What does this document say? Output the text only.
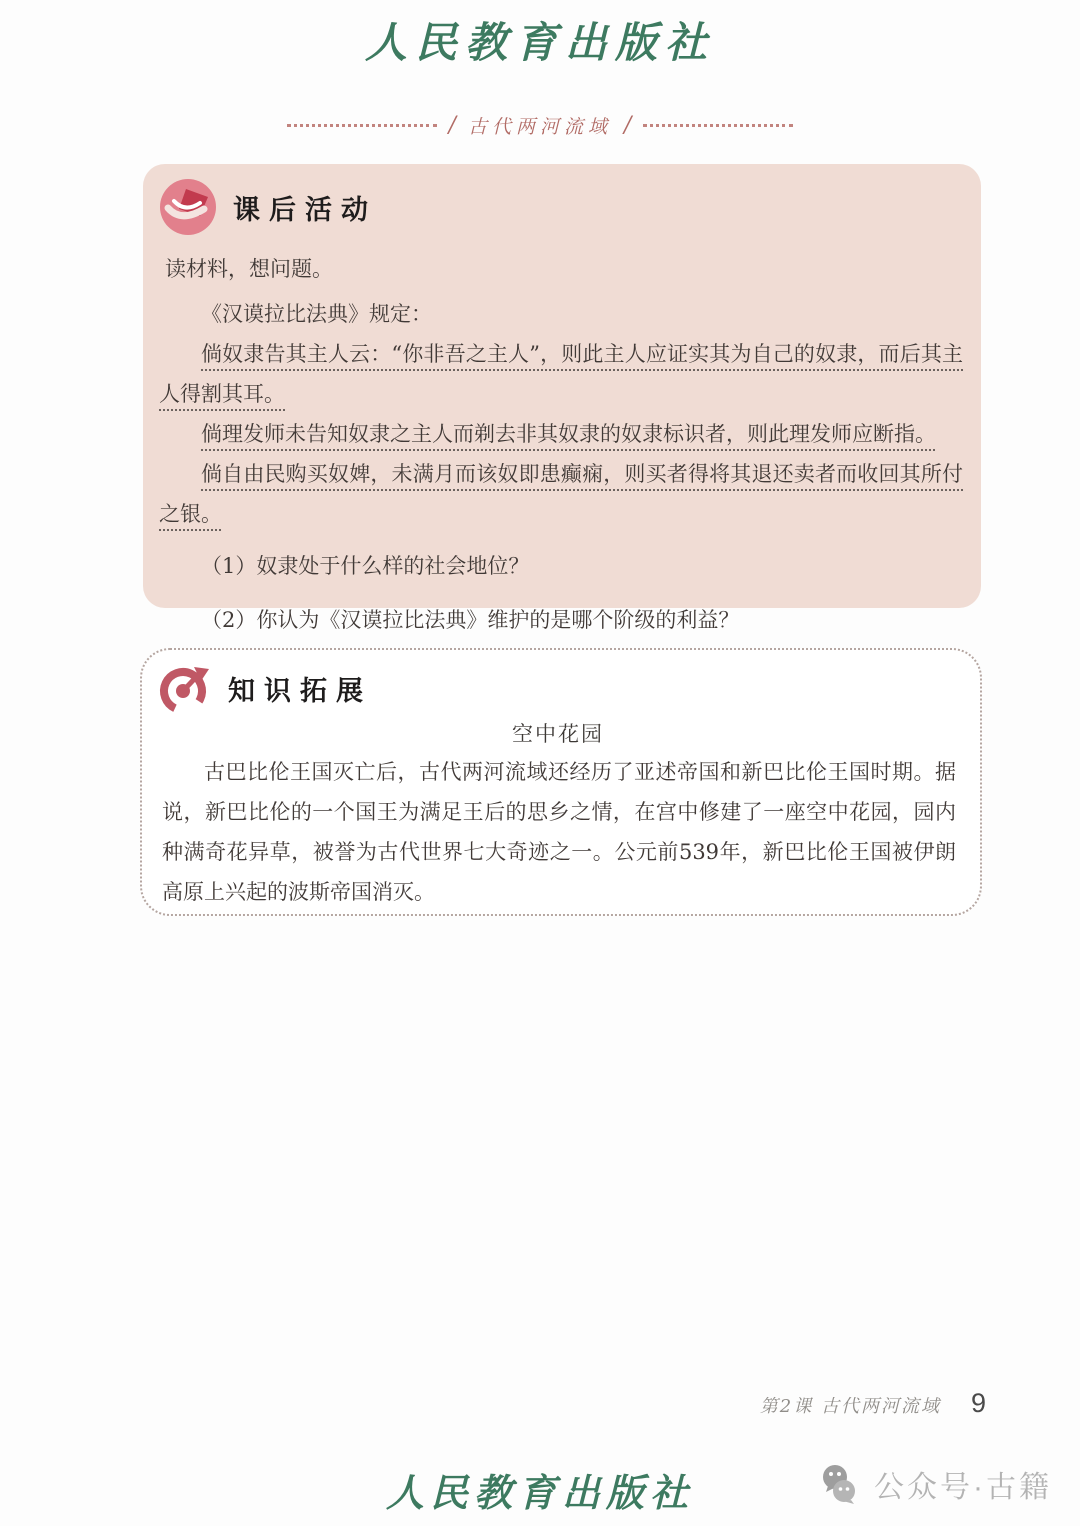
人民教育出版社
/ 古代两河流域 /
课后活动

读材料，想问题。

《汉谟拉比法典》规定：

倘奴隶告其主人云：“你非吾之主人”，则此主人应证实其为自己的奴隶，而后其主人得割其耳。

倘理发师未告知奴隶之主人而剃去非其奴隶的奴隶标识者，则此理发师应断指。

倘自由民购买奴婢，未满月而该奴即患癫痫，则买者得将其退还卖者而收回其所付之银。

（1）奴隶处于什么样的社会地位？

（2）你认为《汉谟拉比法典》维护的是哪个阶级的利益？

知识拓展

空中花园

古巴比伦王国灭亡后，古代两河流域还经历了亚述帝国和新巴比伦王国时期。据说，新巴比伦的一个国王为满足王后的思乡之情，在宫中修建了一座空中花园，园内种满奇花异草，被誉为古代世界七大奇迹之一。公元前539年，新巴比伦王国被伊朗高原上兴起的波斯帝国消灭。

第2课 古代两河流域 9
人民教育出版社	公众号·古籍
